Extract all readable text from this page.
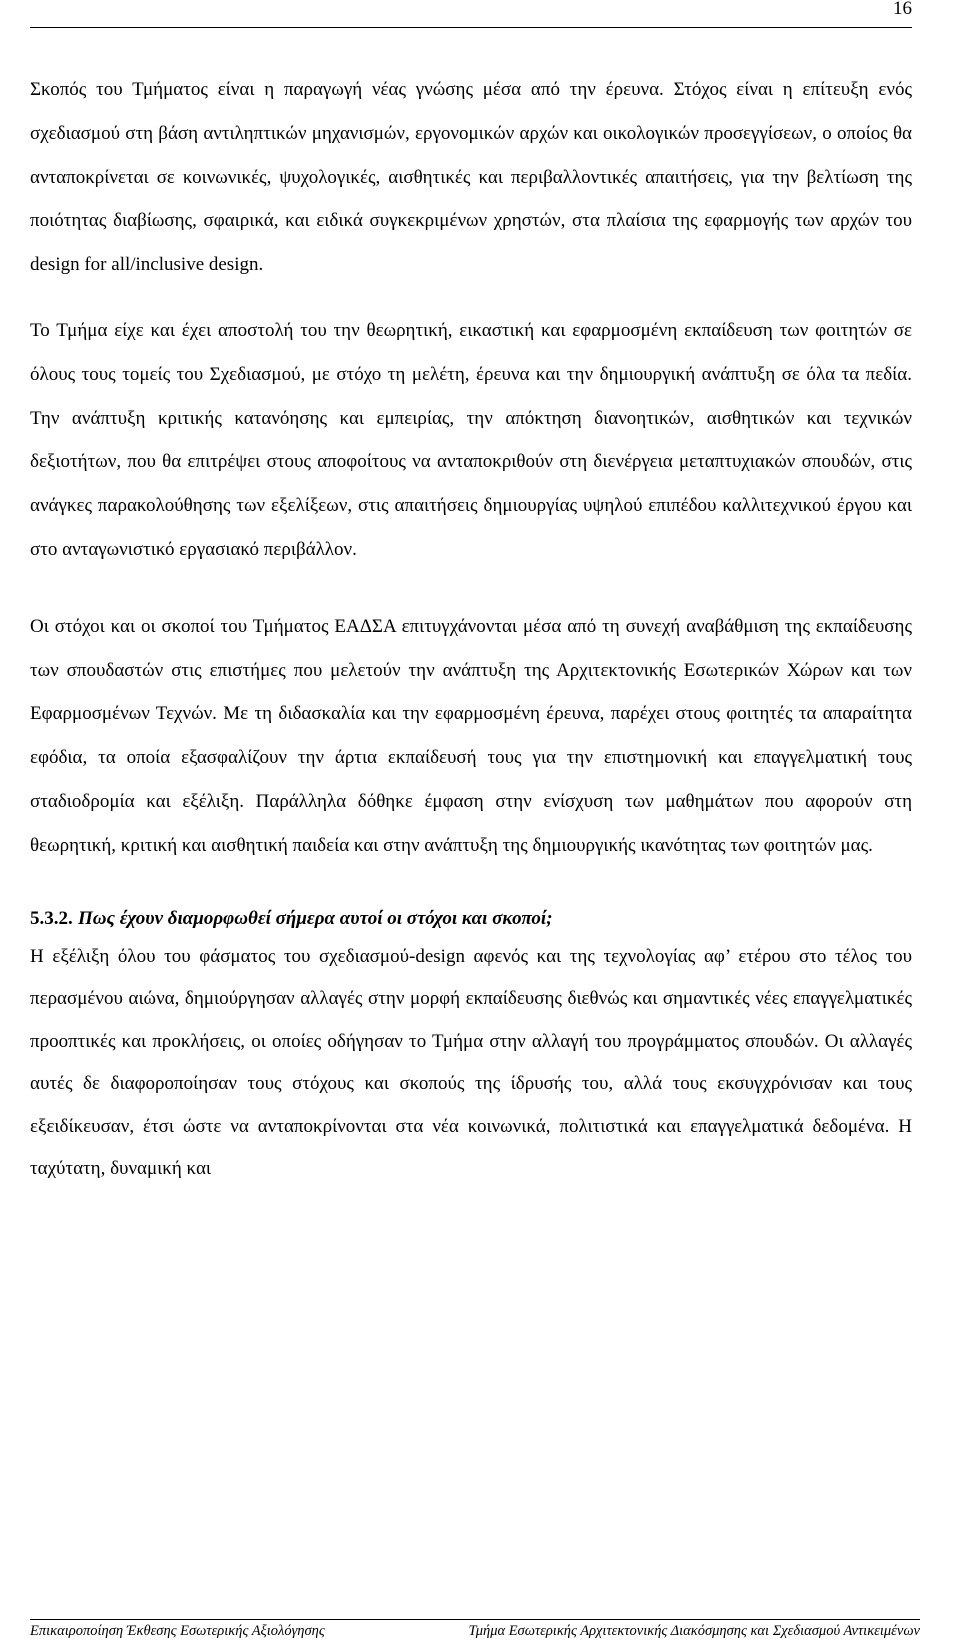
16
Σκοπός του Τμήματος είναι η παραγωγή νέας γνώσης μέσα από την έρευνα. Στόχος είναι η επίτευξη ενός σχεδιασμού στη βάση αντιληπτικών μηχανισμών, εργονομικών αρχών και οικολογικών προσεγγίσεων, ο οποίος θα ανταποκρίνεται σε κοινωνικές, ψυχολογικές, αισθητικές και περιβαλλοντικές απαιτήσεις, για την βελτίωση της ποιότητας διαβίωσης, σφαιρικά, και ειδικά συγκεκριμένων χρηστών, στα πλαίσια της εφαρμογής των αρχών του design for all/inclusive design.
Το Τμήμα είχε και έχει αποστολή του την θεωρητική, εικαστική και εφαρμοσμένη εκπαίδευση των φοιτητών σε όλους τους τομείς του Σχεδιασμού, με στόχο τη μελέτη, έρευνα και την δημιουργική ανάπτυξη σε όλα τα πεδία. Την ανάπτυξη κριτικής κατανόησης και εμπειρίας, την απόκτηση διανοητικών, αισθητικών και τεχνικών δεξιοτήτων, που θα επιτρέψει στους αποφοίτους να ανταποκριθούν στη διενέργεια μεταπτυχιακών σπουδών, στις ανάγκες παρακολούθησης των εξελίξεων, στις απαιτήσεις δημιουργίας υψηλού επιπέδου καλλιτεχνικού έργου και στο ανταγωνιστικό εργασιακό περιβάλλον.
Οι στόχοι και οι σκοποί του Τμήματος ΕΑΔΣΑ επιτυγχάνονται μέσα από τη συνεχή αναβάθμιση της εκπαίδευσης των σπουδαστών στις επιστήμες που μελετούν την ανάπτυξη της Αρχιτεκτονικής Εσωτερικών Χώρων και των Εφαρμοσμένων Τεχνών. Με τη διδασκαλία και την εφαρμοσμένη έρευνα, παρέχει στους φοιτητές τα απαραίτητα εφόδια, τα οποία εξασφαλίζουν την άρτια εκπαίδευσή τους για την επιστημονική και επαγγελματική τους σταδιοδρομία και εξέλιξη. Παράλληλα δόθηκε έμφαση στην ενίσχυση των μαθημάτων που αφορούν στη θεωρητική, κριτική και αισθητική παιδεία και στην ανάπτυξη της δημιουργικής ικανότητας των φοιτητών μας.
5.3.2. Πως έχουν διαμορφωθεί σήμερα αυτοί οι στόχοι και σκοποί;
Η εξέλιξη όλου του φάσματος του σχεδιασμού-design αφενός και της τεχνολογίας αφ’ ετέρου στο τέλος του περασμένου αιώνα, δημιούργησαν αλλαγές στην μορφή εκπαίδευσης διεθνώς και σημαντικές νέες επαγγελματικές προοπτικές και προκλήσεις, οι οποίες οδήγησαν το Τμήμα στην αλλαγή του προγράμματος σπουδών. Οι αλλαγές αυτές δε διαφοροποίησαν τους στόχους και σκοπούς της ίδρυσής του, αλλά τους εκσυγχρόνισαν και τους εξειδίκευσαν, έτσι ώστε να ανταποκρίνονται στα νέα κοινωνικά, πολιτιστικά και επαγγελματικά δεδομένα. Η ταχύτατη, δυναμική και
Επικαιροποίηση Έκθεσης Εσωτερικής Αξιολόγησης	Τμήμα Εσωτερικής Αρχιτεκτονικής Διακόσμησης και Σχεδιασμού Αντικειμένων
